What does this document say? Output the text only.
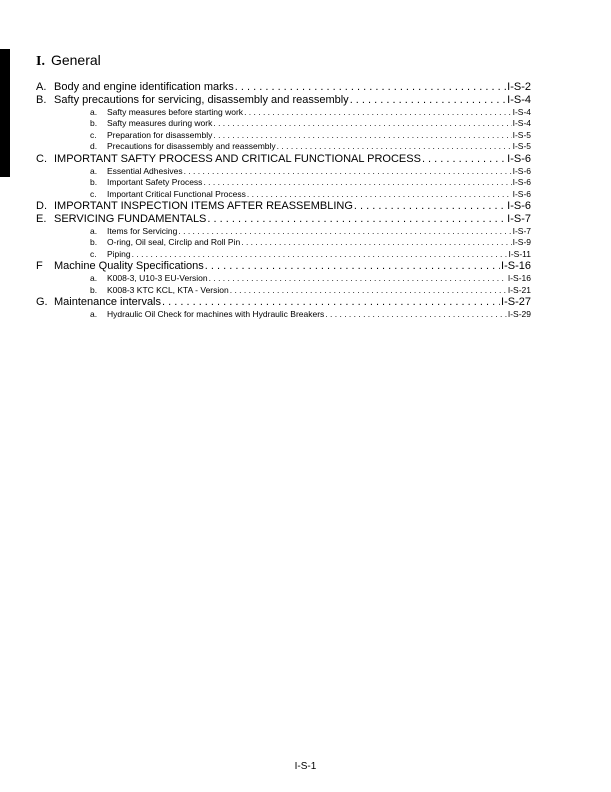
I. General
A. Body and engine identification marks . . .	I-S-2
B. Safty precautions for servicing, disassembly and reassembly . . .	I-S-4
a.	Safty measures before starting work . . .	I-S-4
b.	Safty measures during work . . .	I-S-4
c.	Preparation for disassembly . . .	I-S-5
d.	Precautions for disassembly and reassembly . . .	I-S-5
C. IMPORTANT SAFTY PROCESS AND CRITICAL FUNCTIONAL PROCESS . . .	I-S-6
a.	Essential Adhesives . . .	I-S-6
b.	Important Safety Process . . .	I-S-6
c.	Important Critical Functional Process . . .	I-S-6
D. IMPORTANT INSPECTION ITEMS AFTER REASSEMBLING . . .	I-S-6
E. SERVICING FUNDAMENTALS . . .	I-S-7
a.	Items for Servicing . . .	I-S-7
b.	O-ring, Oil seal, Circlip and Roll Pin . . .	I-S-9
c.	Piping . . .	I-S-11
F	Machine Quality Specifications . . .	I-S-16
a.	K008-3, U10-3 EU-Version . . .	I-S-16
b.	K008-3 KTC KCL, KTA - Version . . .	I-S-21
G. Maintenance intervals . . .	I-S-27
a.	Hydraulic Oil Check for machines with Hydraulic Breakers . . .	I-S-29
I-S-1
